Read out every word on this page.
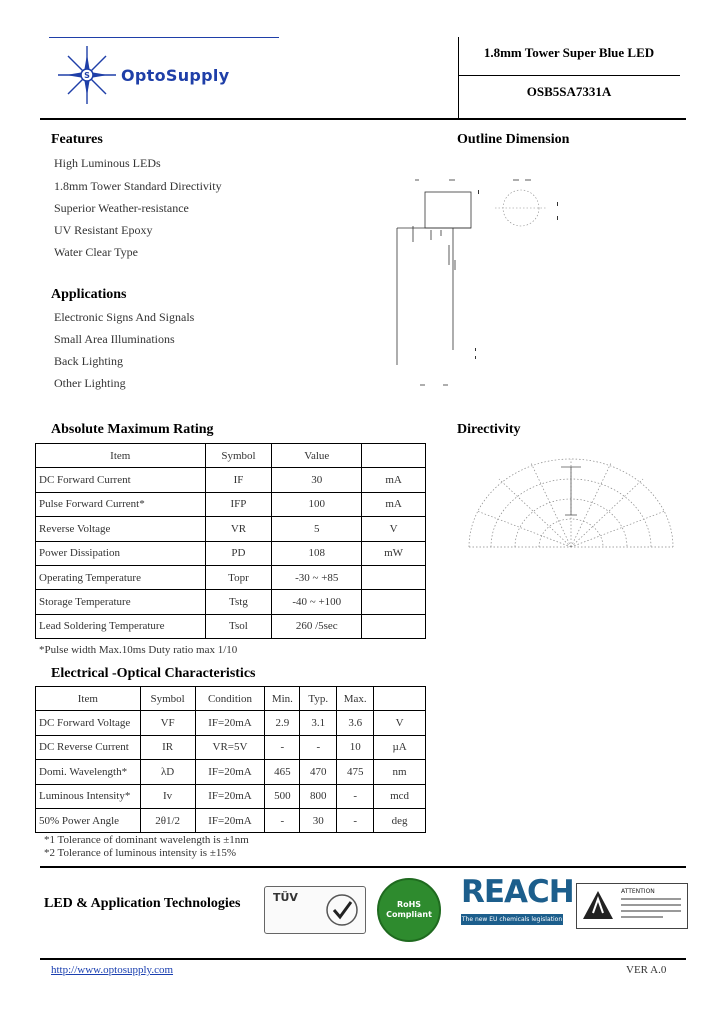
S OptoSupply
1.8mm Tower Super Blue LED
OSB5SA7331A
Features
High Luminous LEDs
1.8mm Tower Standard Directivity
Superior Weather-resistance
UV Resistant Epoxy
Water Clear Type
Applications
Electronic Signs And Signals
Small Area Illuminations
Back Lighting
Other Lighting
Outline Dimension
Absolute Maximum Rating
Item	Symbol	Value	
DC Forward Current	IF	30	mA
Pulse Forward Current*	IFP	100	mA
Reverse Voltage	VR	5	V
Power Dissipation	PD	108	mW
Operating Temperature	Topr	-30 ~ +85	
Storage Temperature	Tstg	-40 ~ +100	
Lead Soldering Temperature	Tsol	260 /5sec	
*Pulse width Max.10ms Duty ratio max 1/10
Directivity
Electrical -Optical Characteristics
Item	Symbol	Condition	Min.	Typ.	Max.	
DC Forward Voltage	VF	IF=20mA	2.9	3.1	3.6	V
DC Reverse Current	IR	VR=5V	-	-	10	µA
Domi. Wavelength*	λD	IF=20mA	465	470	475	nm
Luminous Intensity*	Iv	IF=20mA	500	800	-	mcd
50% Power Angle	2θ1/2	IF=20mA	-	30	-	deg
*1 Tolerance of dominant wavelength is ±1nm
*2 Tolerance of luminous intensity is ±15%
LED & Application Technologies	TÜV
RoHS Compliant
REACH
The new EU chemicals legislation
ATTENTION
http://www.optosupply.com	VER A.0
